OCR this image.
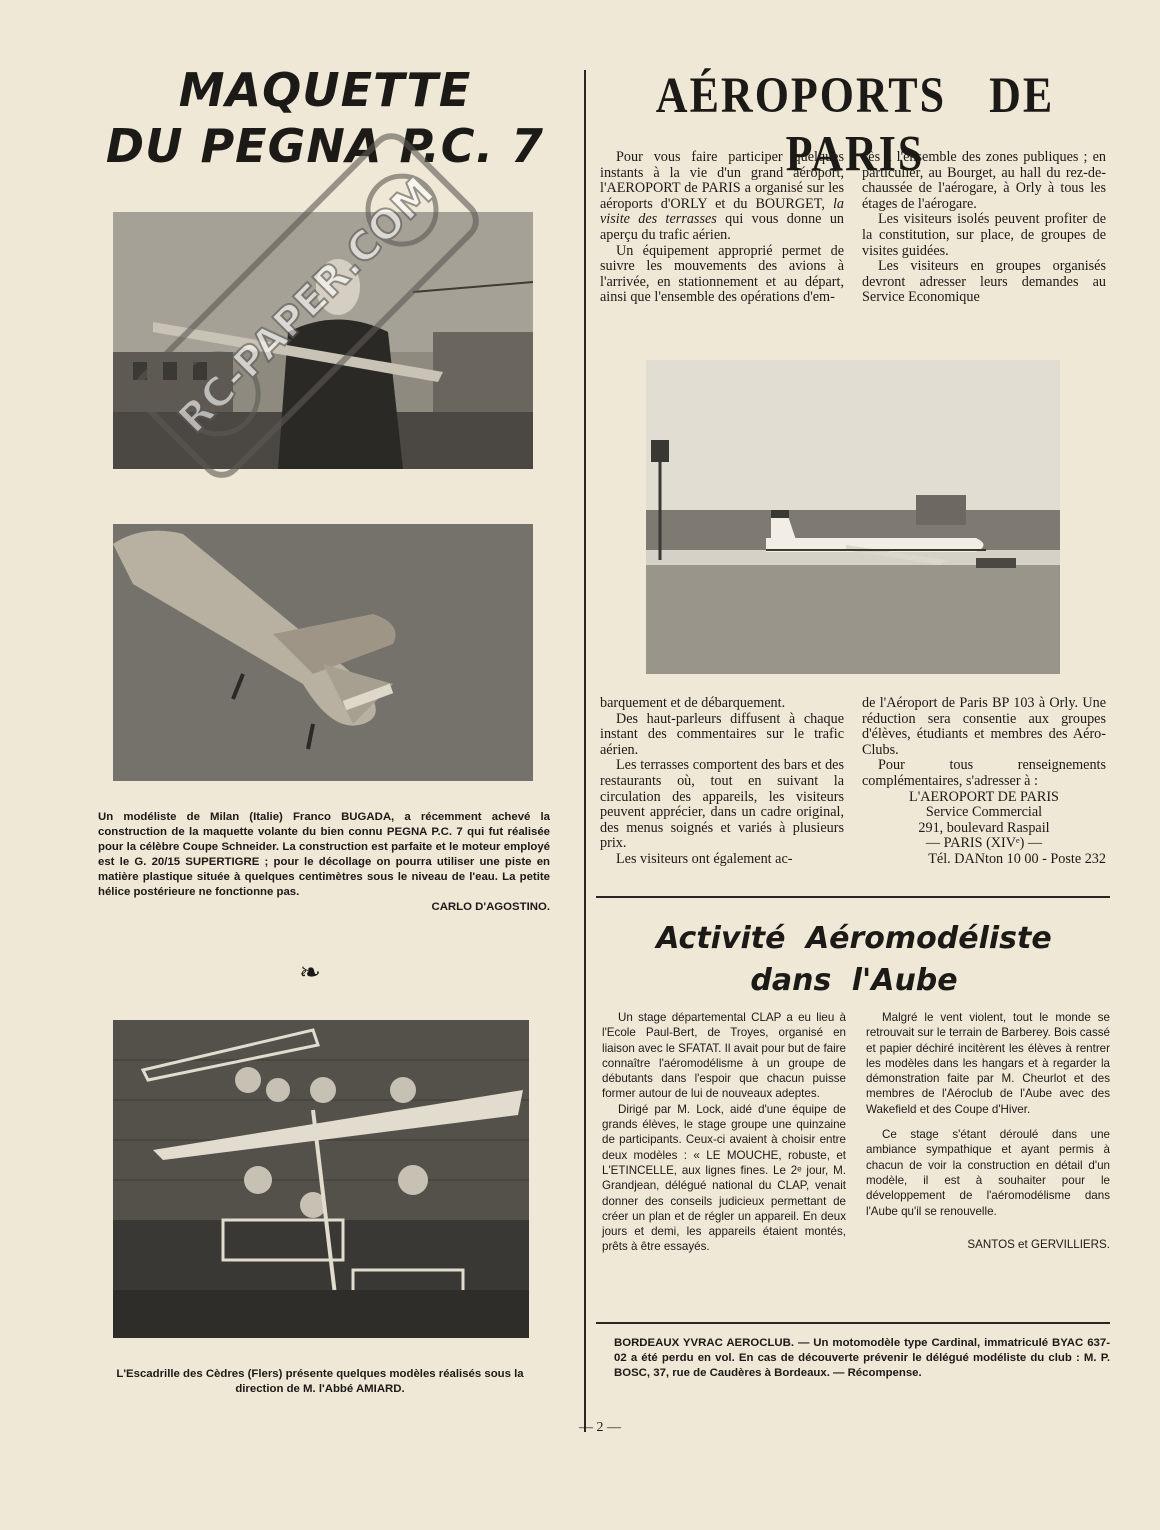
MAQUETTE
DU PEGNA P.C. 7
Un modéliste de Milan (Italie) Franco BUGADA, a récemment achevé la construction de la maquette volante du bien connu PEGNA P.C. 7 qui fut réalisée pour la célèbre Coupe Schneider. La construction est parfaite et le moteur employé est le G. 20/15 SUPERTIGRE ; pour le décollage on pourra utiliser une piste en matière plastique située à quelques centimètres sous le niveau de l'eau. La petite hélice postérieure ne fonctionne pas.
CARLO D'AGOSTINO.
❧
L'Escadrille des Cèdres (Flers) présente quelques modèles réalisés sous la direction de M. l'Abbé AMIARD.
RC-PAPER.COM
AÉROPORTS DE PARIS

Pour vous faire participer quelques instants à la vie d'un grand aéroport, l'AEROPORT de PARIS a organisé sur les aéroports d'ORLY et du BOURGET, la visite des terrasses qui vous donne un aperçu du trafic aérien.

Un équipement approprié permet de suivre les mouvements des avions à l'arrivée, en stationnement et au départ, ainsi que l'ensemble des opérations d'em-

cès à l'ensemble des zones publiques ; en particulier, au Bourget, au hall du rez-de-chaussée de l'aérogare, à Orly à tous les étages de l'aérogare.

Les visiteurs isolés peuvent profiter de la constitution, sur place, de groupes de visites guidées.

Les visiteurs en groupes organisés devront adresser leurs demandes au Service Economique

barquement et de débarquement.

Des haut-parleurs diffusent à chaque instant des commentaires sur le trafic aérien.

Les terrasses comportent des bars et des restaurants où, tout en suivant la circulation des appareils, les visiteurs peuvent apprécier, dans un cadre original, des menus soignés et variés à plusieurs prix.

Les visiteurs ont également ac-

de l'Aéroport de Paris BP 103 à Orly. Une réduction sera consentie aux groupes d'élèves, étudiants et membres des Aéro-Clubs.

Pour tous renseignements complémentaires, s'adresser à :

L'AEROPORT DE PARIS

Service Commercial

291, boulevard Raspail

— PARIS (XIVᵉ) —

Tél. DANton 10 00 - Poste 232

Activité Aéromodéliste
dans l'Aube

Un stage départemental CLAP a eu lieu à l'Ecole Paul-Bert, de Troyes, organisé en liaison avec le SFATAT. Il avait pour but de faire connaître l'aéromodélisme à un groupe de débutants dans l'espoir que chacun puisse former autour de lui de nouveaux adeptes.

Dirigé par M. Lock, aidé d'une équipe de grands élèves, le stage groupe une quinzaine de participants. Ceux-ci avaient à choisir entre deux modèles : « LE MOUCHE, robuste, et L'ETINCELLE, aux lignes fines. Le 2ᵉ jour, M. Grandjean, délégué national du CLAP, venait donner des conseils judicieux permettant de créer un plan et de régler un appareil. En deux jours et demi, les appareils étaient montés, prêts à être essayés.

Malgré le vent violent, tout le monde se retrouvait sur le terrain de Barberey. Bois cassé et papier déchiré incitèrent les élèves à rentrer les modèles dans les hangars et à regarder la démonstration faite par M. Cheurlot et des membres de l'Aéroclub de l'Aube avec des Wakefield et des Coupe d'Hiver.

Ce stage s'étant déroulé dans une ambiance sympathique et ayant permis à chacun de voir la construction en détail d'un modèle, il est à souhaiter pour le développement de l'aéromodélisme dans l'Aube qu'il se renouvelle.

SANTOS et GERVILLIERS.

BORDEAUX YVRAC AEROCLUB. — Un motomodèle type Cardinal, immatriculé BYAC 637-02 a été perdu en vol. En cas de découverte prévenir le délégué modéliste du club : M. P. BOSC, 37, rue de Caudères à Bordeaux. — Récompense.
— 2 —
